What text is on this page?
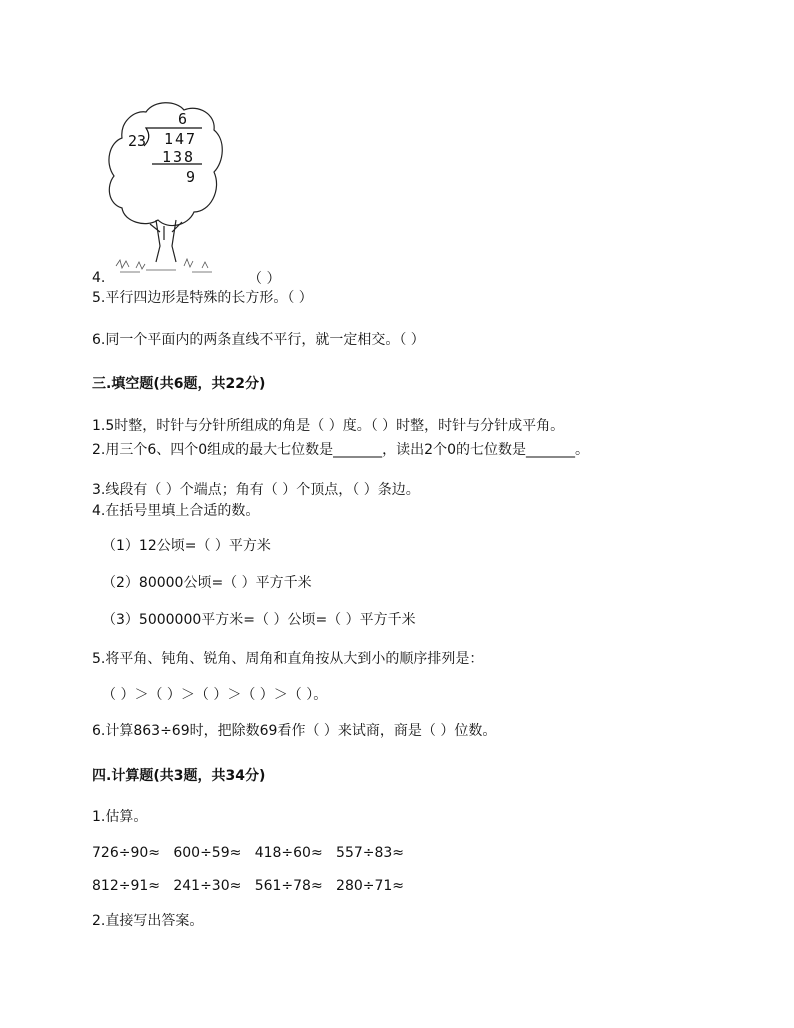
6
23 147
138
9
4.	（ ）
5.平行四边形是特殊的长方形。（ ）
6.同一个平面内的两条直线不平行，就一定相交。（ ）
三.填空题(共6题，共22分)
1.5时整，时针与分针所组成的角是（ ）度。（ ）时整，时针与分针成平角。
2.用三个6、四个0组成的最大七位数是_______，读出2个0的七位数是_______。
3.线段有（ ）个端点；角有（ ）个顶点，（ ）条边。
4.在括号里填上合适的数。
（1）12公顷=（ ）平方米
（2）80000公顷=（ ）平方千米
（3）5000000平方米=（ ）公顷=（ ）平方千米
5.将平角、钝角、锐角、周角和直角按从大到小的顺序排列是：
（ ）＞（ ）＞（ ）＞（ ）＞（ ）。
6.计算863÷69时，把除数69看作（ ）来试商，商是（ ）位数。
四.计算题(共3题，共34分)
1.估算。
726÷90≈   600÷59≈   418÷60≈   557÷83≈
812÷91≈   241÷30≈   561÷78≈   280÷71≈
2.直接写出答案。
